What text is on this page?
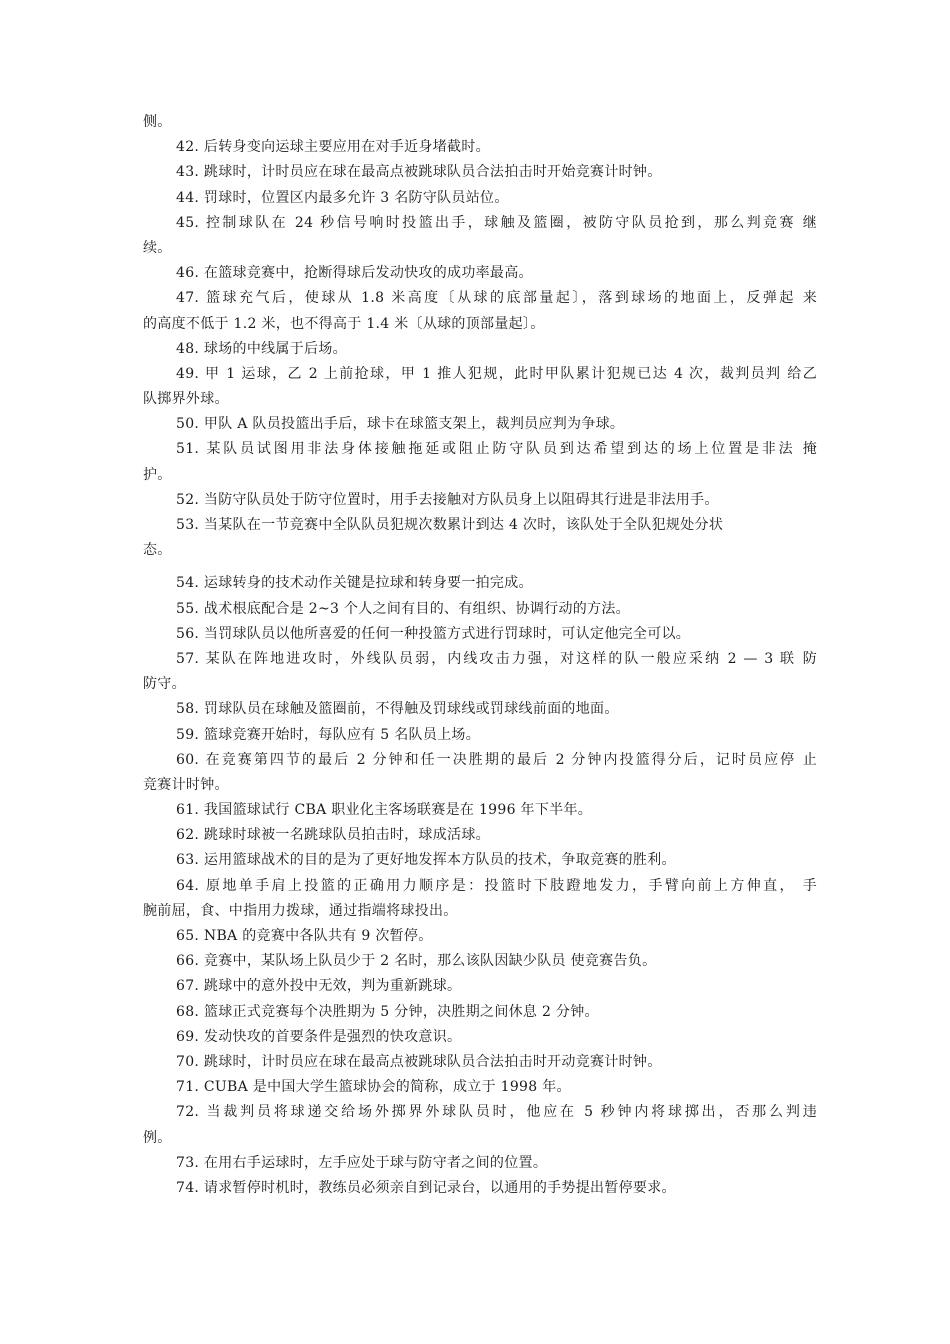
侧。
42. 后转身变向运球主要应用在对手近身堵截时。
43. 跳球时，计时员应在球在最高点被跳球队员合法拍击时开始竞赛计时钟。
44. 罚球时，位置区内最多允许 3 名防守队员站位。
45. 控制球队在 24 秒信号响时投篮出手，球触及篮圈，被防守队员抢到，那么判竞赛 继
续。
46. 在篮球竞赛中，抢断得球后发动快攻的成功率最高。
47. 篮球充气后，使球从 1.8 米高度〔从球的底部量起〕，落到球场的地面上，反弹起 来
的高度不低于 1.2 米，也不得高于 1.4 米〔从球的顶部量起〕。
48. 球场的中线属于后场。
49. 甲 1 运球，乙 2 上前抢球，甲 1 推人犯规，此时甲队累计犯规已达 4 次，裁判员判 给乙
队掷界外球。
50. 甲队 A 队员投篮出手后，球卡在球篮支架上，裁判员应判为争球。
51. 某队员试图用非法身体接触拖延或阻止防守队员到达希望到达的场上位置是非法 掩
护。
52. 当防守队员处于防守位置时，用手去接触对方队员身上以阻碍其行进是非法用手。
53. 当某队在一节竞赛中全队队员犯规次数累计到达 4 次时，该队处于全队犯规处分状
态。
54. 运球转身的技术动作关键是拉球和转身要一拍完成。
55. 战术根底配合是 2~3 个人之间有目的、有组织、协调行动的方法。
56. 当罚球队员以他所喜爱的任何一种投篮方式进行罚球时，可认定他完全可以。
57. 某队在阵地进攻时，外线队员弱，内线攻击力强，对这样的队一般应采纳 2 — 3 联 防
防守。
58. 罚球队员在球触及篮圈前，不得触及罚球线或罚球线前面的地面。
59. 篮球竞赛开始时，每队应有 5 名队员上场。
60. 在竞赛第四节的最后 2 分钟和任一决胜期的最后 2 分钟内投篮得分后，记时员应停 止
竞赛计时钟。
61. 我国篮球试行 CBA 职业化主客场联赛是在 1996 年下半年。
62. 跳球时球被一名跳球队员拍击时，球成活球。
63. 运用篮球战术的目的是为了更好地发挥本方队员的技术，争取竞赛的胜利。
64. 原地单手肩上投篮的正确用力顺序是：投篮时下肢蹬地发力，手臂向前上方伸直， 手
腕前屈，食、中指用力拨球，通过指端将球投出。
65. NBA 的竞赛中各队共有 9 次暂停。
66. 竞赛中，某队场上队员少于 2 名时，那么该队因缺少队员 使竞赛告负。
67. 跳球中的意外投中无效，判为重新跳球。
68. 篮球正式竞赛每个决胜期为 5 分钟，决胜期之间休息 2 分钟。
69. 发动快攻的首要条件是强烈的快攻意识。
70. 跳球时，计时员应在球在最高点被跳球队员合法拍击时开动竞赛计时钟。
71. CUBA 是中国大学生篮球协会的简称，成立于 1998 年。
72. 当裁判员将球递交给场外掷界外球队员时，他应在 5 秒钟内将球掷出，否那么判违
例。
73. 在用右手运球时，左手应处于球与防守者之间的位置。
74. 请求暂停时机时，教练员必须亲自到记录台，以通用的手势提出暂停要求。
